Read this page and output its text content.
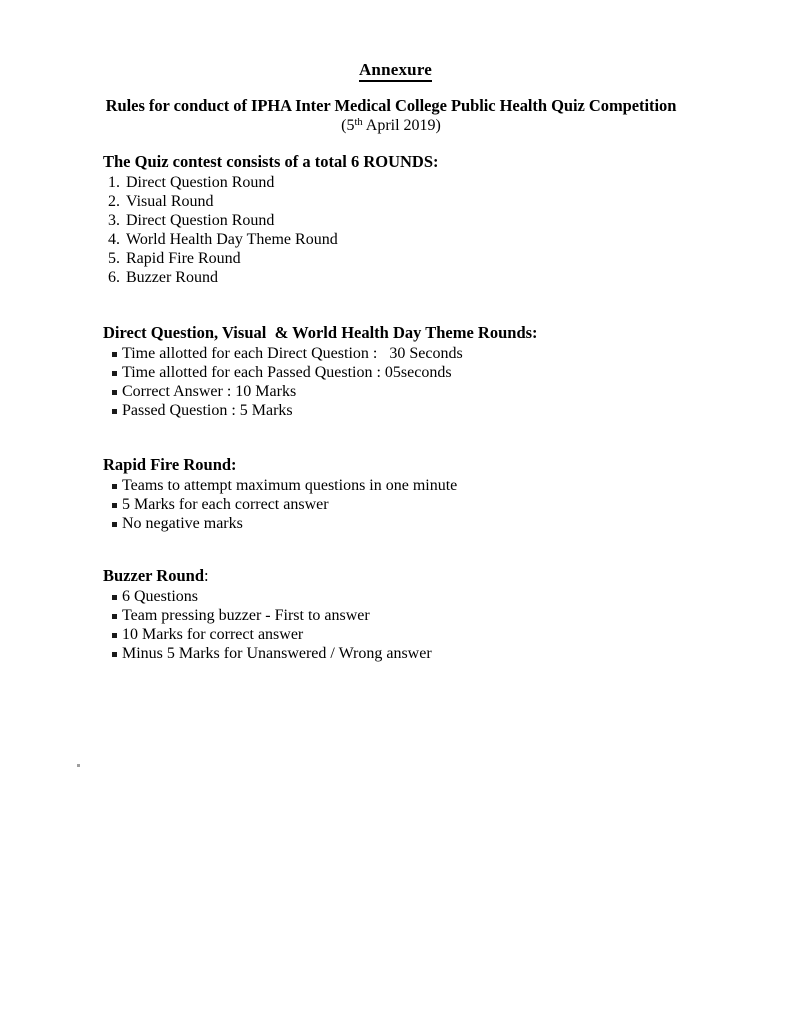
Annexure
Rules for conduct of IPHA Inter Medical College Public Health Quiz Competition
(5th April 2019)
The Quiz contest consists of a total 6 ROUNDS:
1. Direct Question Round
2. Visual Round
3. Direct Question Round
4. World Health Day Theme Round
5. Rapid Fire Round
6. Buzzer Round
Direct Question, Visual  & World Health Day Theme Rounds:
Time allotted for each Direct Question :   30 Seconds
Time allotted for each Passed Question : 05seconds
Correct Answer : 10 Marks
Passed Question : 5 Marks
Rapid Fire Round:
Teams to attempt maximum questions in one minute
5 Marks for each correct answer
No negative marks
Buzzer Round:
6 Questions
Team pressing buzzer - First to answer
10 Marks for correct answer
Minus 5 Marks for Unanswered / Wrong answer
